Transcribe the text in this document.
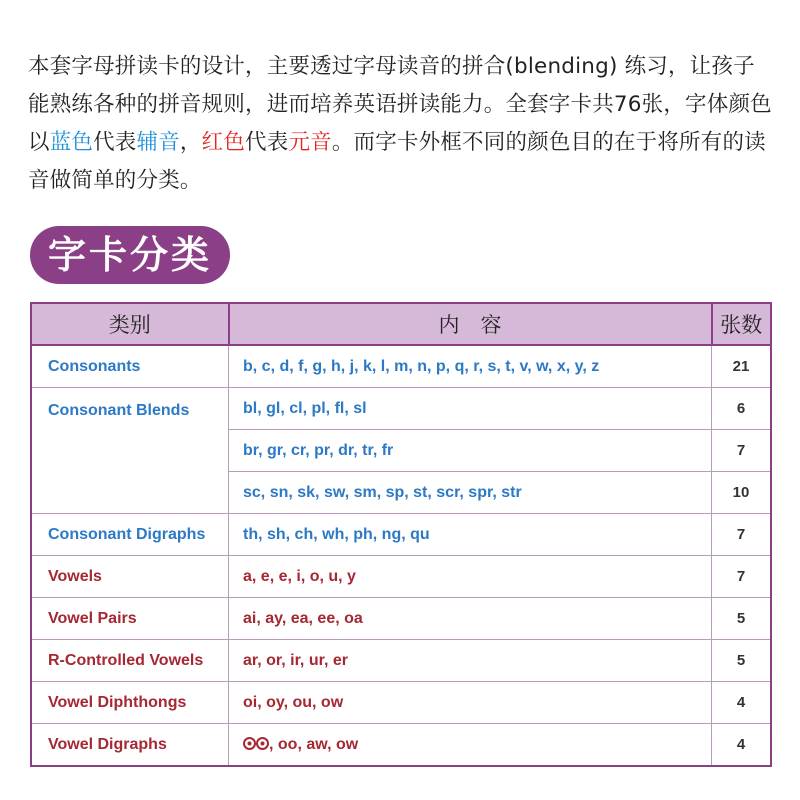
本套字母拼读卡的设计，主要透过字母读音的拼合(blending) 练习，让孩子能熟练各种的拼音规则，进而培养英语拼读能力。全套字卡共76张，字体颜色以蓝色代表辅音，红色代表元音。而字卡外框不同的颜色目的在于将所有的读音做简单的分类。

字卡分类
类别	内　容	张数
Consonants	b, c, d, f, g, h, j, k, l, m, n, p, q, r, s, t, v, w, x, y, z	21
Consonant Blends	bl, gl, cl, pl, fl, sl	6
	br, gr, cr, pr, dr, tr, fr	7
	sc, sn, sk, sw, sm, sp, st, scr, spr, str	10
Consonant Digraphs	th, sh, ch, wh, ph, ng, qu	7
Vowels	a, e, e, i, o, u, y	7
Vowel Pairs	ai, ay, ea, ee, oa	5
R-Controlled Vowels	ar, or, ir, ur, er	5
Vowel Diphthongs	oi, oy, ou, ow	4
Vowel Digraphs	, oo, aw, ow	4
